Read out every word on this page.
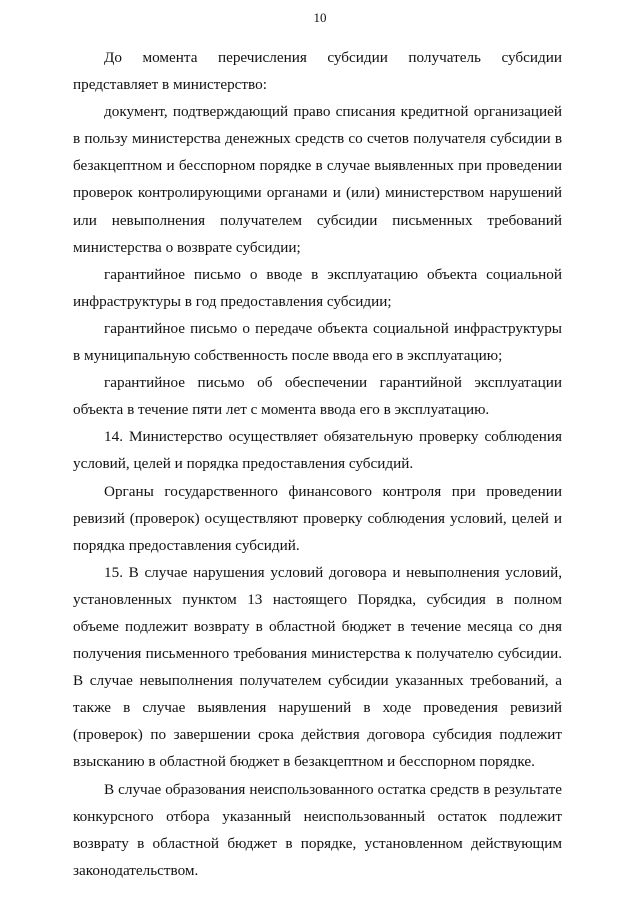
10

До момента перечисления субсидии получатель субсидии представляет в министерство:

документ, подтверждающий право списания кредитной организацией в пользу министерства денежных средств со счетов получателя субсидии в безакцептном и бесспорном порядке в случае выявленных при проведении проверок контролирующими органами и (или) министерством нарушений или невыполнения получателем субсидии письменных требований министерства о возврате субсидии;

гарантийное письмо о вводе в эксплуатацию объекта социальной инфраструктуры в год предоставления субсидии;

гарантийное письмо о передаче объекта социальной инфраструктуры в муниципальную собственность после ввода его в эксплуатацию;

гарантийное письмо об обеспечении гарантийной эксплуатации объекта в течение пяти лет с момента ввода его в эксплуатацию.

14. Министерство осуществляет обязательную проверку соблюдения условий, целей и порядка предоставления субсидий.

Органы государственного финансового контроля при проведении ревизий (проверок) осуществляют проверку соблюдения условий, целей и порядка предоставления субсидий.

15. В случае нарушения условий договора и невыполнения условий, установленных пунктом 13 настоящего Порядка, субсидия в полном объеме подлежит возврату в областной бюджет в течение месяца со дня получения письменного требования министерства к получателю субсидии. В случае невыполнения получателем субсидии указанных требований, а также в случае выявления нарушений в ходе проведения ревизий (проверок) по завершении срока действия договора субсидия подлежит взысканию в областной бюджет в безакцептном и бесспорном порядке.

В случае образования неиспользованного остатка средств в результате конкурсного отбора указанный неиспользованный остаток подлежит возврату в областной бюджет в порядке, установленном действующим законодательством.
